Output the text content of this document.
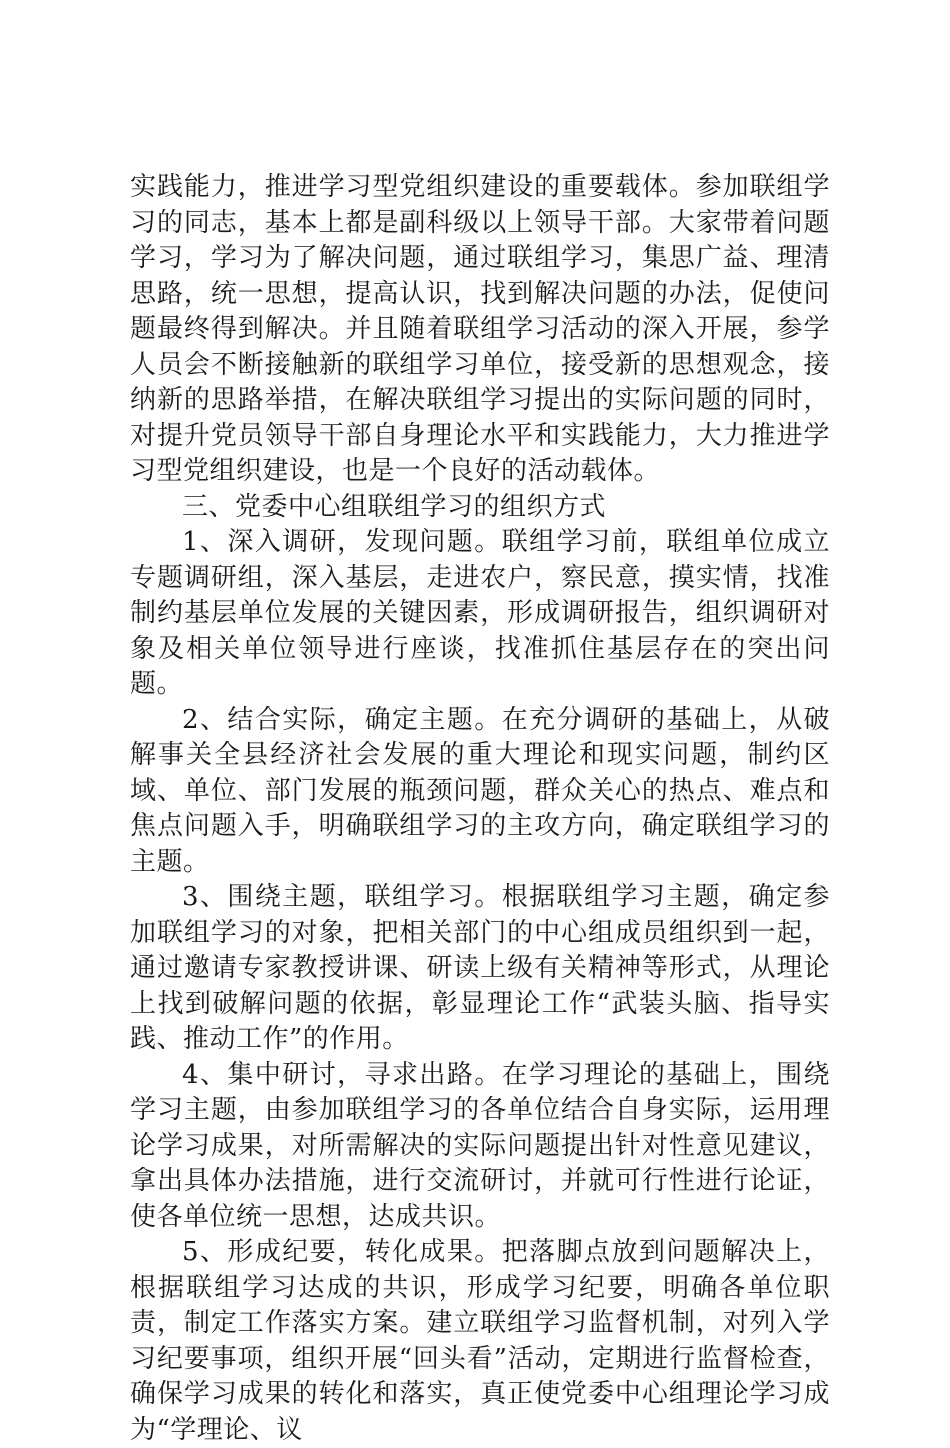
实践能力，推进学习型党组织建设的重要载体。参加联组学习的同志，基本上都是副科级以上领导干部。大家带着问题学习，学习为了解决问题，通过联组学习，集思广益、理清思路，统一思想，提高认识，找到解决问题的办法，促使问题最终得到解决。并且随着联组学习活动的深入开展，参学人员会不断接触新的联组学习单位，接受新的思想观念，接纳新的思路举措，在解决联组学习提出的实际问题的同时，对提升党员领导干部自身理论水平和实践能力，大力推进学习型党组织建设，也是一个良好的活动载体。

三、党委中心组联组学习的组织方式

1、深入调研，发现问题。联组学习前，联组单位成立专题调研组，深入基层，走进农户，察民意，摸实情，找准制约基层单位发展的关键因素，形成调研报告，组织调研对象及相关单位领导进行座谈，找准抓住基层存在的突出问题。

2、结合实际，确定主题。在充分调研的基础上，从破解事关全县经济社会发展的重大理论和现实问题，制约区域、单位、部门发展的瓶颈问题，群众关心的热点、难点和焦点问题入手，明确联组学习的主攻方向，确定联组学习的主题。

3、围绕主题，联组学习。根据联组学习主题，确定参加联组学习的对象，把相关部门的中心组成员组织到一起，通过邀请专家教授讲课、研读上级有关精神等形式，从理论上找到破解问题的依据，彰显理论工作“武装头脑、指导实践、推动工作”的作用。

4、集中研讨，寻求出路。在学习理论的基础上，围绕学习主题，由参加联组学习的各单位结合自身实际，运用理论学习成果，对所需解决的实际问题提出针对性意见建议，拿出具体办法措施，进行交流研讨，并就可行性进行论证，使各单位统一思想，达成共识。

5、形成纪要，转化成果。把落脚点放到问题解决上，根据联组学习达成的共识，形成学习纪要，明确各单位职责，制定工作落实方案。建立联组学习监督机制，对列入学习纪要事项，组织开展“回头看”活动，定期进行监督检查，确保学习成果的转化和落实，真正使党委中心组理论学习成为“学理论、议
